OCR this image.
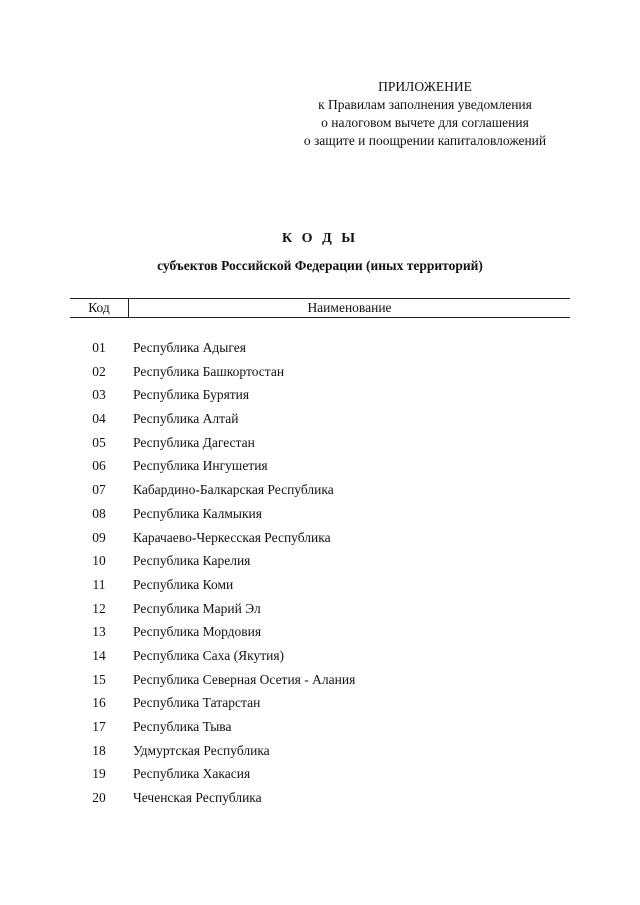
ПРИЛОЖЕНИЕ
к Правилам заполнения уведомления
о налоговом вычете для соглашения
о защите и поощрении капиталовложений
К О Д Ы
субъектов Российской Федерации (иных территорий)
Код	Наименование
01	Республика Адыгея
02	Республика Башкортостан
03	Республика Бурятия
04	Республика Алтай
05	Республика Дагестан
06	Республика Ингушетия
07	Кабардино-Балкарская Республика
08	Республика Калмыкия
09	Карачаево-Черкесская Республика
10	Республика Карелия
11	Республика Коми
12	Республика Марий Эл
13	Республика Мордовия
14	Республика Саха (Якутия)
15	Республика Северная Осетия - Алания
16	Республика Татарстан
17	Республика Тыва
18	Удмуртская Республика
19	Республика Хакасия
20	Чеченская Республика
